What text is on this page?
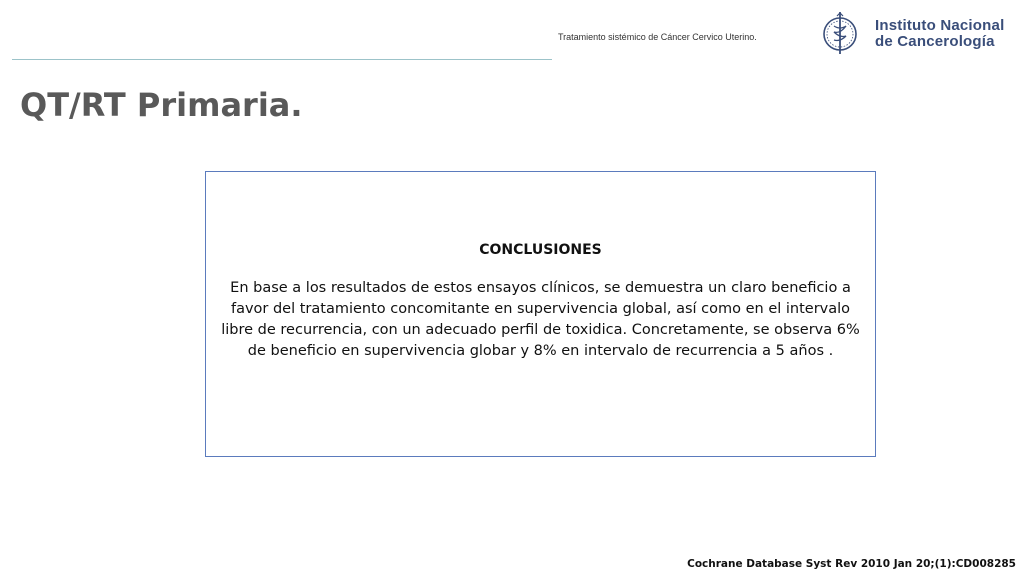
Tratamiento sistémico de Cáncer Cervico Uterino.
Instituto Nacional
de Cancerología
QT/RT Primaria.
CONCLUSIONES

En base a los resultados de estos ensayos clínicos, se demuestra un claro beneficio a favor del tratamiento concomitante en supervivencia global, así como en el intervalo libre de recurrencia, con un adecuado perfil de toxidica. Concretamente, se observa 6% de beneficio en supervivencia globar y 8% en intervalo de recurrencia a 5 años .

Cochrane Database Syst Rev 2010 Jan 20;(1):CD008285
